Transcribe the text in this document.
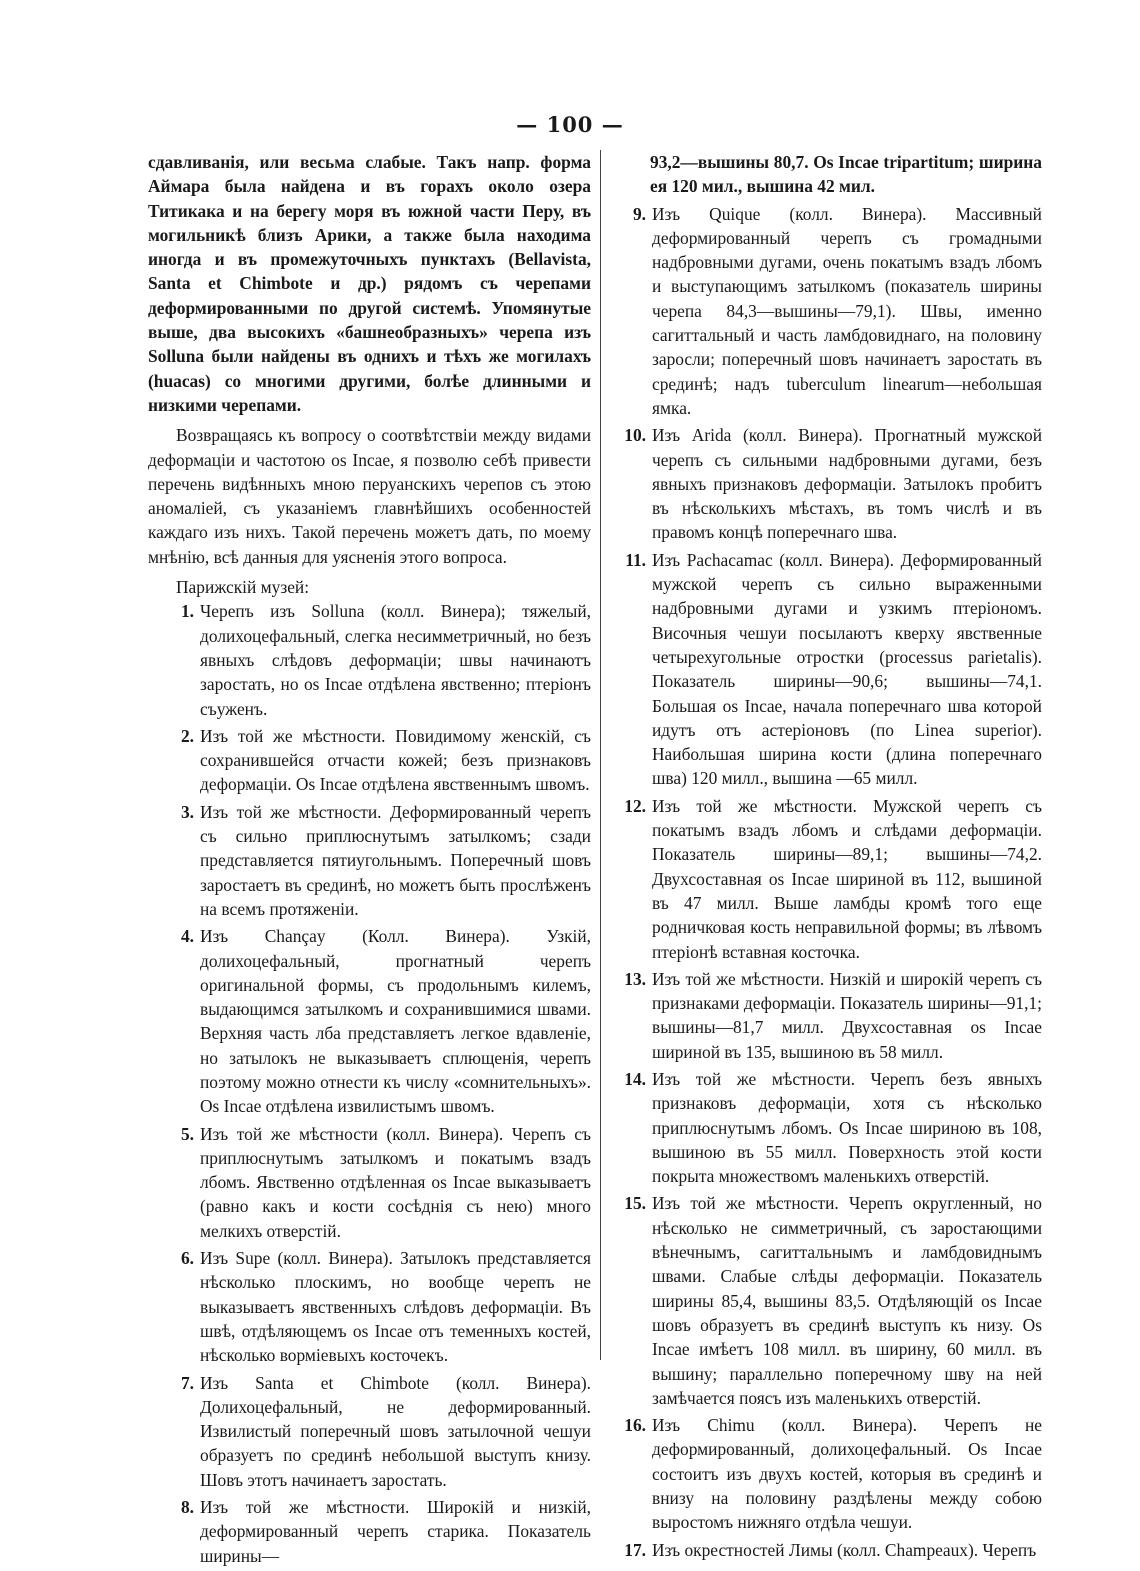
— 100 —

сдавливанія, или весьма слабые. Такъ напр. форма Аймара была найдена и въ горахъ около озера Титикака и на берегу моря въ южной части Перу, въ могильникѣ близъ Арики, а также была находима иногда и въ промежуточныхъ пунктахъ (Bellavista, Santa et Chimbote и др.) рядомъ съ черепами деформированными по другой системѣ. Упомянутые выше, два высокихъ «башнеобразныхъ» черепа изъ Solluna были найдены въ однихъ и тѣхъ же могилахъ (huacas) со многими другими, болѣе длинными и низкими черепами.

Возвращаясь къ вопросу о соотвѣтствіи между видами деформаціи и частотою os Incae, я позволю себѣ привести перечень видѣнныхъ мною перуанскихъ черепов съ этою аномаліей, съ указаніемъ главнѣйшихъ особенностей каждаго изъ нихъ. Такой перечень можетъ дать, по моему мнѣнію, всѣ данныя для уясненія этого вопроса.

Парижскій музей:

1. Черепъ изъ Solluna (колл. Винера); тяжелый, долихоцефальный, слегка несимметричный, но безъ явныхъ слѣдовъ деформаціи; швы начинаютъ заростать, но os Incae отдѣлена явственно; птеріонъ съуженъ.
2. Изъ той же мѣстности. Повидимому женскій, съ сохранившейся отчасти кожей; безъ признаковъ деформаціи. Os Incae отдѣлена явственнымъ швомъ.
3. Изъ той же мѣстности. Деформированный черепъ съ сильно приплюснутымъ затылкомъ; сзади представляется пятиугольнымъ. Поперечный шовъ заростаетъ въ срединѣ, но можетъ быть прослѣженъ на всемъ протяженіи.
4. Изъ Chançay (Колл. Винера). Узкій, долихоцефальный, прогнатный черепъ оригинальной формы, съ продольнымъ килемъ, выдающимся затылкомъ и сохранившимися швами. Верхняя часть лба представляетъ легкое вдавленіе, но затылокъ не выказываетъ сплющенія, черепъ поэтому можно отнести къ числу «сомнительныхъ». Os Incae отдѣлена извилистымъ швомъ.
5. Изъ той же мѣстности (колл. Винера). Черепъ съ приплюснутымъ затылкомъ и покатымъ взадъ лбомъ. Явственно отдѣленная os Incae выказываетъ (равно какъ и кости сосѣднія съ нею) много мелкихъ отверстій.
6. Изъ Supe (колл. Винера). Затылокъ представляется нѣсколько плоскимъ, но вообще черепъ не выказываетъ явственныхъ слѣдовъ деформаціи. Въ швѣ, отдѣляющемъ os Incae отъ теменныхъ костей, нѣсколько ворміевыхъ косточекъ.
7. Изъ Santa et Chimbote (колл. Винера). Долихоцефальный, не деформированный. Извилистый поперечный шовъ затылочной чешуи образуетъ по срединѣ небольшой выступъ книзу. Шовъ этотъ начинаетъ заростать.
8. Изъ той же мѣстности. Широкій и низкій, деформированный черепъ старика. Показатель ширины—

93,2—вышины 80,7. Os Incae tripartitum; ширина ея 120 мил., вышина 42 мил.

9. Изъ Quique (колл. Винера). Массивный деформированный черепъ съ громадными надбровными дугами, очень покатымъ взадъ лбомъ и выступающимъ затылкомъ (показатель ширины черепа 84,3—вышины—79,1). Швы, именно сагиттальный и часть ламбдовиднаго, на половину заросли; поперечный шовъ начинаетъ заростать въ срединѣ; надъ tuberculum linearum—небольшая ямка.
10. Изъ Arida (колл. Винера). Прогнатный мужской черепъ съ сильными надбровными дугами, безъ явныхъ признаковъ деформаціи. Затылокъ пробитъ въ нѣсколькихъ мѣстахъ, въ томъ числѣ и въ правомъ концѣ поперечнаго шва.
11. Изъ Pachacamac (колл. Винера). Деформированный мужской черепъ съ сильно выраженными надбровными дугами и узкимъ птеріономъ. Височныя чешуи посылаютъ кверху явственные четырехугольные отростки (processus parietalis). Показатель ширины—90,6; вышины—74,1. Большая os Incae, начала поперечнаго шва которой идутъ отъ астеріоновъ (по Linea superior). Наибольшая ширина кости (длина поперечнаго шва) 120 милл., вышина —65 милл.
12. Изъ той же мѣстности. Мужской черепъ съ покатымъ взадъ лбомъ и слѣдами деформаціи. Показатель ширины—89,1; вышины—74,2. Двухсоставная os Incae шириной въ 112, вышиной въ 47 милл. Выше ламбды кромѣ того еще родничковая кость неправильной формы; въ лѣвомъ птеріонѣ вставная косточка.
13. Изъ той же мѣстности. Низкій и широкій черепъ съ признаками деформаціи. Показатель ширины—91,1; вышины—81,7 милл. Двухсоставная os Incae шириной въ 135, вышиною въ 58 милл.
14. Изъ той же мѣстности. Черепъ безъ явныхъ признаковъ деформаціи, хотя съ нѣсколько приплюснутымъ лбомъ. Os Incae шириною въ 108, вышиною въ 55 милл. Поверхность этой кости покрыта множествомъ маленькихъ отверстій.
15. Изъ той же мѣстности. Черепъ округленный, но нѣсколько не симметричный, съ заростающими вѣнечнымъ, сагиттальнымъ и ламбдовиднымъ швами. Слабые слѣды деформаціи. Показатель ширины 85,4, вышины 83,5. Отдѣляющій os Incae шовъ образуетъ въ срединѣ выступъ къ низу. Os Incae имѣетъ 108 милл. въ ширину, 60 милл. въ вышину; параллельно поперечному шву на ней замѣчается поясъ изъ маленькихъ отверстій.
16. Изъ Chimu (колл. Винера). Черепъ не деформированный, долихоцефальный. Os Incae состоитъ изъ двухъ костей, которыя въ срединѣ и внизу на половину раздѣлены между собою выростомъ нижняго отдѣла чешуи.
17. Изъ окрестностей Лимы (колл. Champeaux). Черепъ
